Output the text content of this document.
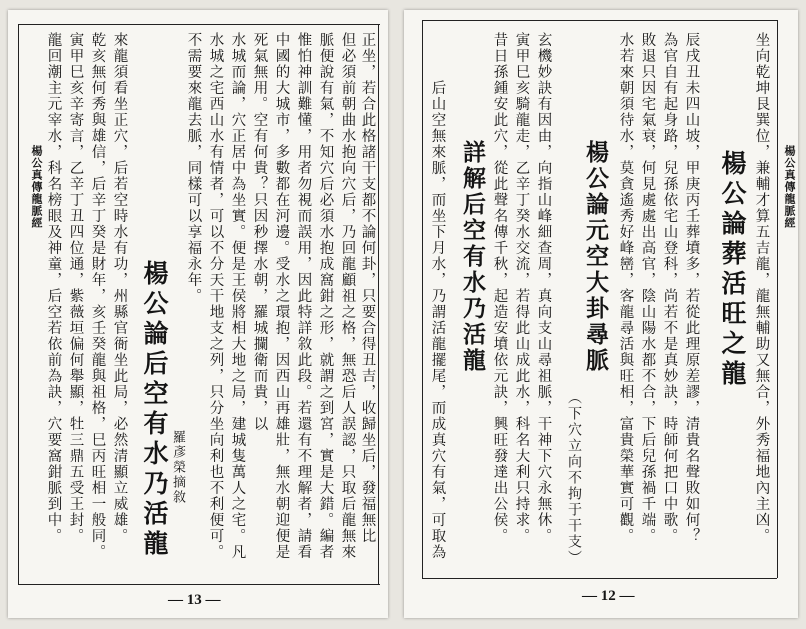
楊公真傳龍脈經 龍回潮主元宰水，科名榜眼及神童，后空若依前為訣，穴要窩鉗脈到中。 寅甲巳亥辛寄言，乙辛丁丑四位通，紫薇垣偏何舉顯，牡三鼎五受王封。 乾亥無何秀與雄信，后辛丁癸是財年，亥壬癸龍與祖格，巳丙旺相一般同。 來龍須看坐正穴，后若空時水有功，州縣官衙坐此局，必然清顯立威雄。 楊公論后空有水乃活龍 羅彥榮摘敘
不需要來龍去脈，同樣可以享福永年。 水城之宅西山水有情者，可以不分天干地支之列，只分坐向利也不利便可。 水城而論，穴正居中為坐實。便是王侯將相大地之局，建城隻萬人之宅。凡 死氣無用。空有何貴？只因秒擇水朝，羅城攔衛而貴，以 中國的大城市，多數都在河邊。受水之環抱，因西山再雄壯，無水朝迎便是 惟怕神訓難懂，用者勿視而誤用，因此特詳敘此段。若還有不理解者，請看 脈便說有氣，不知穴后必須水抱成窩鉗之形，就謂之到宮，實是大錯。編者 但必須前朝曲水抱向穴后，乃回龍顧祖之格，無恐后人誤認，只取后龍無來 正坐，若合此格諸干支都不論何卦，只要合得丑吉，收歸坐后，發福無比
— 13 —
楊公真傳龍脈經
后山空無來脈，而坐下月水，乃謂活龍擺尾，而成真穴有氣，可取為 詳解后空有水乃活龍 昔日孫鍾安此穴，從此聲名傳千秋，起造安墳依元訣，興旺發達出公侯。 寅甲巳亥騎龍走，乙辛丁癸水交流，若得此山成此水，科名大利只持求。 玄機妙訣有因由，向指山峰細查周，真向支山尋祖脈，干神下穴永無休。 （下穴立向不拘于干支）
楊公論元空大卦尋脈 水若來朝須待水，莫貪遙秀好峰巒，客龍尋活與旺相，富貴榮華實可觀。 敗退只因宅氣衰，何見處處出高官，陰山陽水都不合，下后兒孫禍千端。 為官自有起身路，兒孫依宅山登科，尚若不是真妙訣，時師何把口中歌。 辰戌丑未四山坡，甲庚丙壬葬墳多，若從此理原差謬，清貴名聲敗如何？ 楊公論葬活旺之龍 坐向乾坤艮巽位，兼輔才算五吉龍，龍無輔助又無合，外秀福地內主凶。
— 12 —
